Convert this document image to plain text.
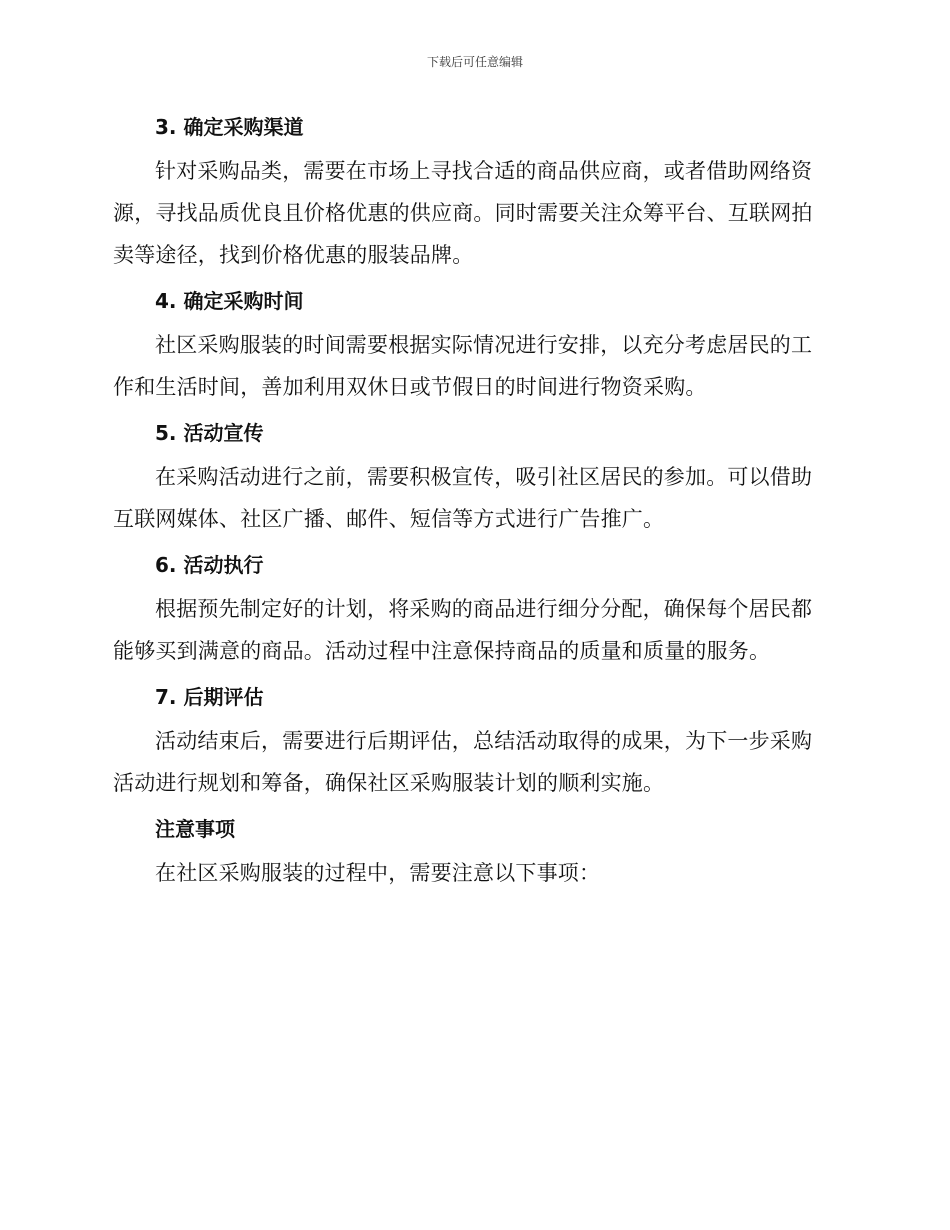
下载后可任意编辑

3. 确定采购渠道

针对采购品类，需要在市场上寻找合适的商品供应商，或者借助网络资源，寻找品质优良且价格优惠的供应商。同时需要关注众筹平台、互联网拍卖等途径，找到价格优惠的服装品牌。

4. 确定采购时间

社区采购服装的时间需要根据实际情况进行安排，以充分考虑居民的工作和生活时间，善加利用双休日或节假日的时间进行物资采购。

5. 活动宣传

在采购活动进行之前，需要积极宣传，吸引社区居民的参加。可以借助互联网媒体、社区广播、邮件、短信等方式进行广告推广。

6. 活动执行

根据预先制定好的计划，将采购的商品进行细分分配，确保每个居民都能够买到满意的商品。活动过程中注意保持商品的质量和质量的服务。

7. 后期评估

活动结束后，需要进行后期评估，总结活动取得的成果，为下一步采购活动进行规划和筹备，确保社区采购服装计划的顺利实施。

注意事项

在社区采购服装的过程中，需要注意以下事项：
